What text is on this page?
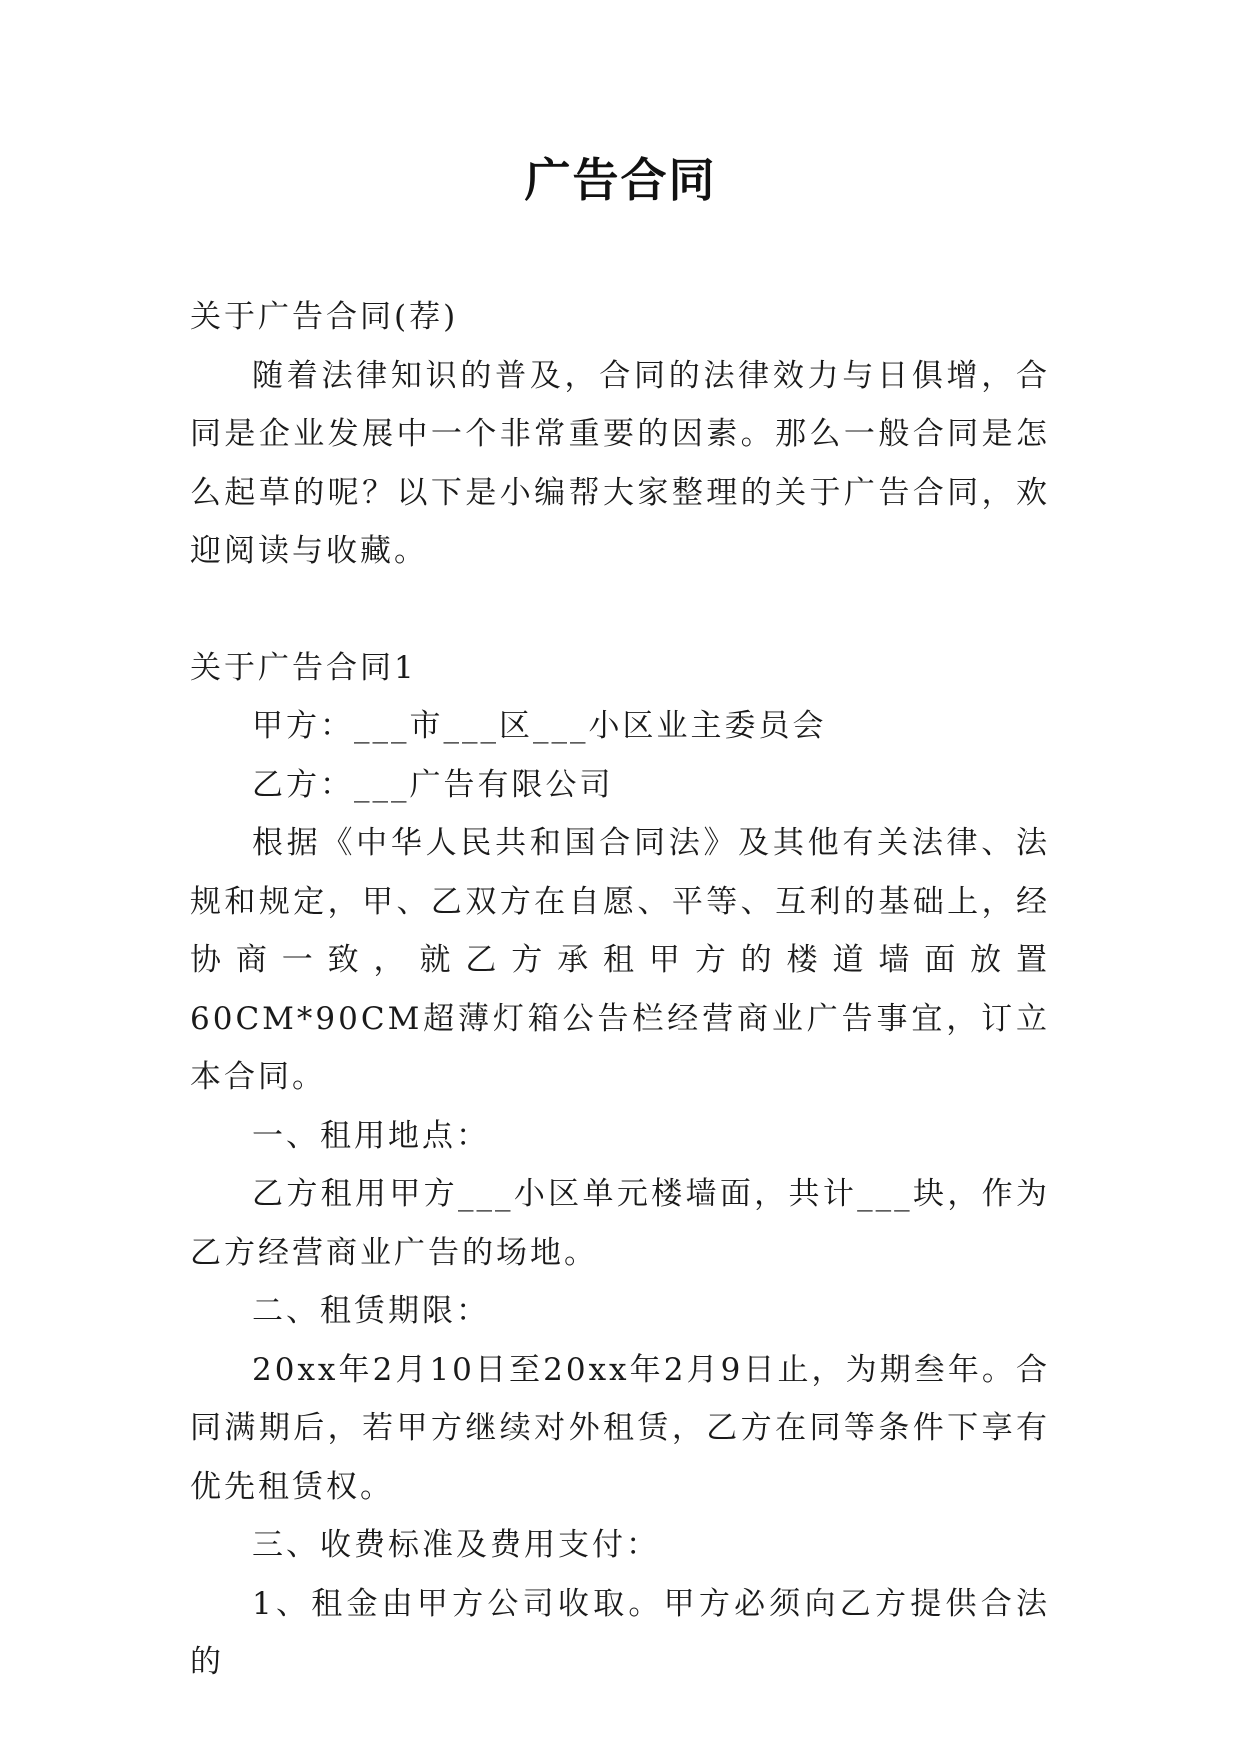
广告合同

关于广告合同(荐)

随着法律知识的普及，合同的法律效力与日俱增，合同是企业发展中一个非常重要的因素。那么一般合同是怎么起草的呢？以下是小编帮大家整理的关于广告合同，欢迎阅读与收藏。

关于广告合同1

甲方：___市___区___小区业主委员会

乙方：___广告有限公司

根据《中华人民共和国合同法》及其他有关法律、法规和规定，甲、乙双方在自愿、平等、互利的基础上，经协商一致，就乙方承租甲方的楼道墙面放置60CM*90CM超薄灯箱公告栏经营商业广告事宜，订立本合同。

一、租用地点：

乙方租用甲方___小区单元楼墙面，共计___块，作为乙方经营商业广告的场地。

二、租赁期限：

20xx年2月10日至20xx年2月9日止，为期叁年。合同满期后，若甲方继续对外租赁，乙方在同等条件下享有优先租赁权。

三、收费标准及费用支付：

1、租金由甲方公司收取。甲方必须向乙方提供合法的
